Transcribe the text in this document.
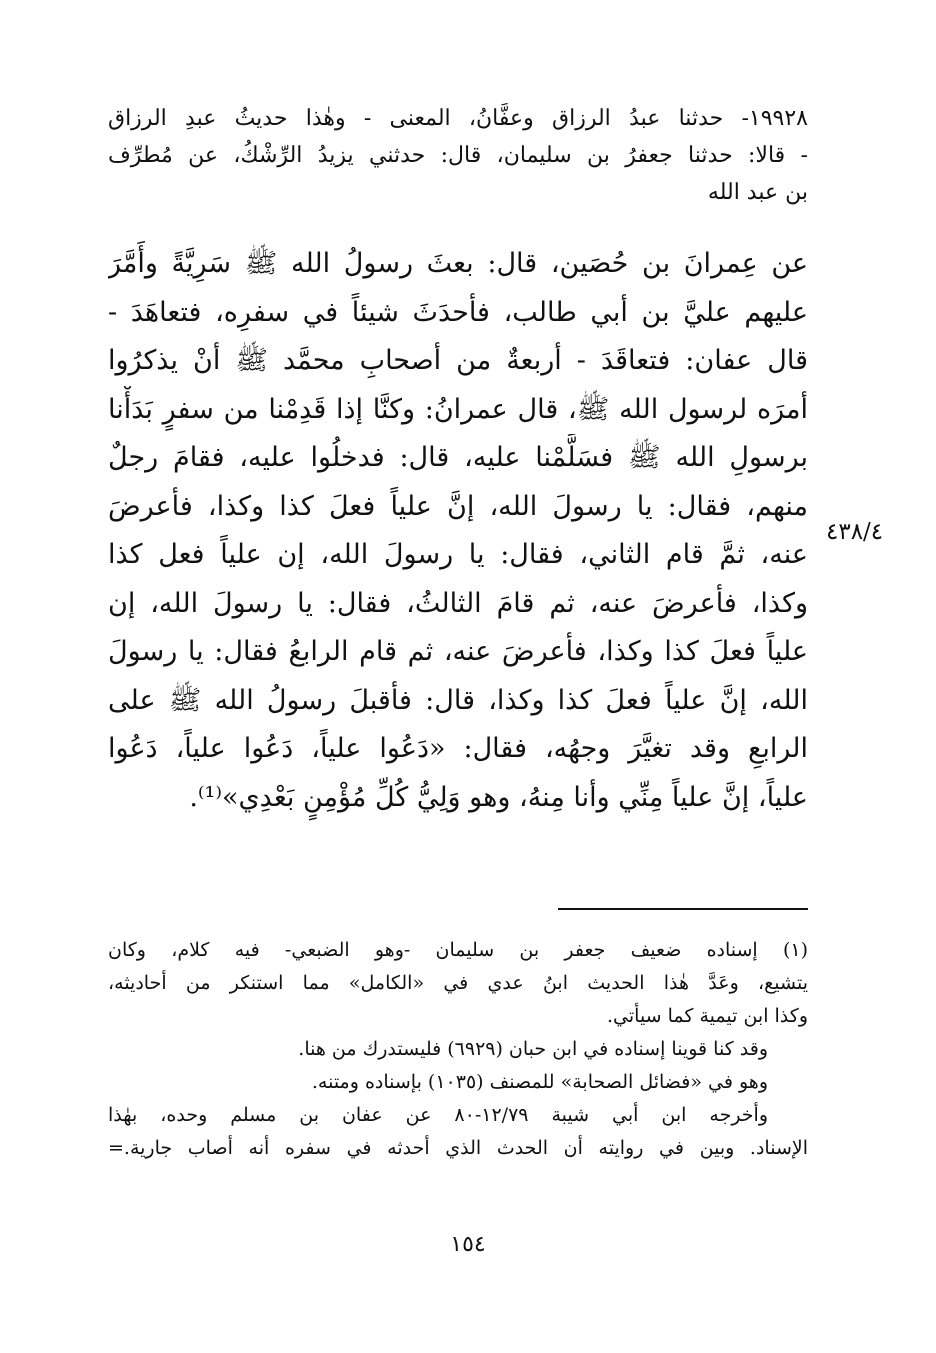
١٩٩٢٨- حدثنا عبدُ الرزاق وعفَّانُ، المعنى - وهٰذا حديثُ عبدِ الرزاق
- قالا: حدثنا جعفرُ بن سليمان، قال: حدثني يزيدُ الرِّشْكُ، عن مُطرِّف
بن عبد الله
عن عِمرانَ بن حُصَين، قال: بعثَ رسولُ الله ﷺ سَرِيَّةً وأَمَّرَ
عليهم عليَّ بن أبي طالب، فأحدَثَ شيئاً في سفرِه، فتعاهَدَ -
قال عفان: فتعاقَدَ - أربعةٌ من أصحابِ محمَّد ﷺ أنْ يذكرُوا
أمرَه لرسول الله ﷺ، قال عمرانُ: وكنَّا إذا قَدِمْنا من سفرٍ بَدَأْنا
برسولِ الله ﷺ فسَلَّمْنا عليه، قال: فدخلُوا عليه، فقامَ رجلٌ
منهم، فقال: يا رسولَ الله، إنَّ علياً فعلَ كذا وكذا، فأعرضَ
عنه، ثمَّ قام الثاني، فقال: يا رسولَ الله، إن علياً فعل كذا
وكذا، فأعرضَ عنه، ثم قامَ الثالثُ، فقال: يا رسولَ الله، إن
علياً فعلَ كذا وكذا، فأعرضَ عنه، ثم قام الرابعُ فقال: يا رسولَ
الله، إنَّ علياً فعلَ كذا وكذا، قال: فأقبلَ رسولُ الله ﷺ على
الرابعِ وقد تغيَّرَ وجهُه، فقال: «دَعُوا علياً، دَعُوا علياً، دَعُوا
علياً، إنَّ علياً مِنِّي وأنا مِنهُ، وهو وَلِيُّ كُلِّ مُؤْمِنٍ بَعْدِي»⁽¹⁾.
٤٣٨/٤
(١) إسناده ضعيف جعفر بن سليمان -وهو الضبعي- فيه كلام، وكان
يتشيع، وعَدَّ هٰذا الحديث ابنُ عدي في «الكامل» مما استنكر من أحاديثه،
وكذا ابن تيمية كما سيأتي.
وقد كنا قوينا إسناده في ابن حبان (٦٩٢٩) فليستدرك من هنا.
وهو في «فضائل الصحابة» للمصنف (١٠٣٥) بإسناده ومتنه.
وأخرجه ابن أبي شيبة ١٢/٧٩-٨٠ عن عفان بن مسلم وحده، بهٰذا
الإسناد. وبين في روايته أن الحدث الذي أحدثه في سفره أنه أصاب جارية.=
١٥٤
